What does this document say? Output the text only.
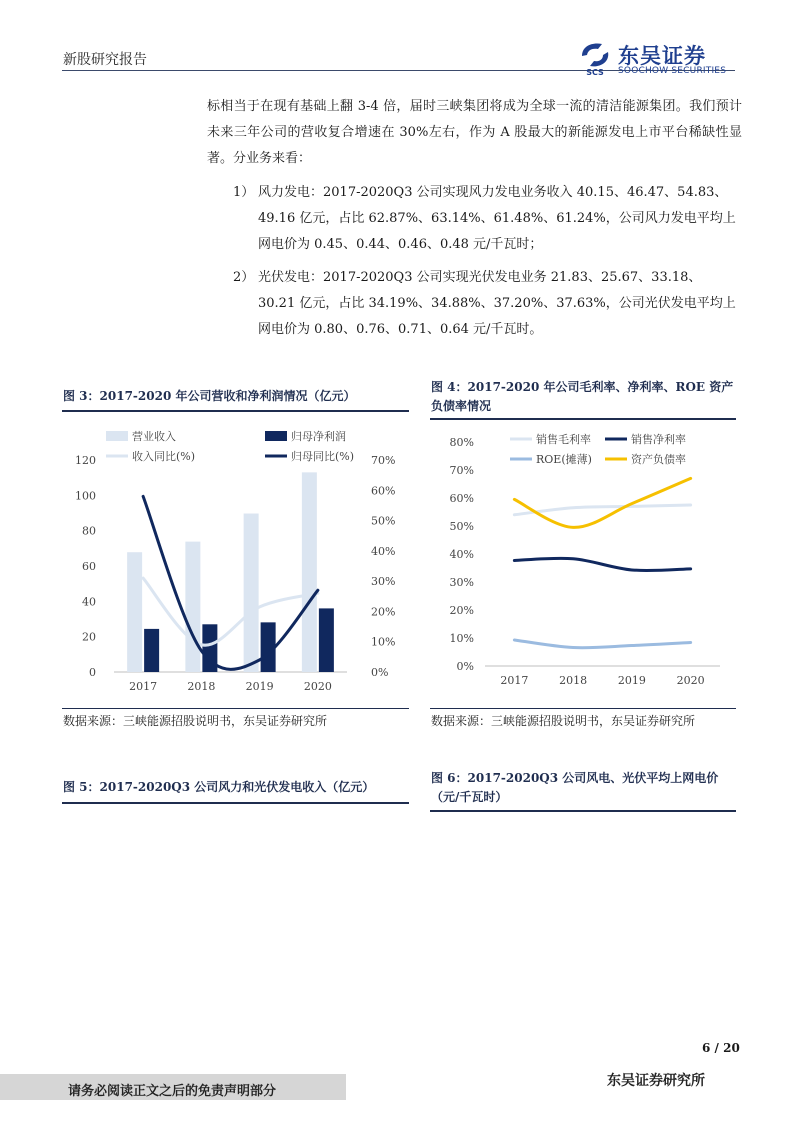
新股研究报告
SCS
东吴证券
SOOCHOW SECURITIES
标相当于在现有基础上翻 3-4 倍，届时三峡集团将成为全球一流的清洁能源集团。我们预计未来三年公司的营收复合增速在 30%左右，作为 A 股最大的新能源发电上市平台稀缺性显著。分业务来看：
1） 风力发电：2017-2020Q3 公司实现风力发电业务收入 40.15、46.47、54.83、49.16 亿元，占比 62.87%、63.14%、61.48%、61.24%，公司风力发电平均上网电价为 0.45、0.44、0.46、0.48 元/千瓦时；
2） 光伏发电：2017-2020Q3 公司实现光伏发电业务 21.83、25.67、33.18、30.21 亿元，占比 34.19%、34.88%、37.20%、37.63%，公司光伏发电平均上网电价为 0.80、0.76、0.71、0.64 元/千瓦时。
图 3：2017-2020 年公司营收和净利润情况（亿元）
0
20
40
60
80
100
120
0%
10%
20%
30%
40%
50%
60%
70%
2017	2018	2019	2020
营业收入	归母净利润
收入同比(%)	归母同比(%)
数据来源：三峡能源招股说明书，东吴证券研究所
图 4：2017-2020 年公司毛利率、净利率、ROE 资产负债率情况
0%
10%
20%
30%
40%
50%
60%
70%
80%
2017	2018	2019	2020
销售毛利率	销售净利率
ROE(摊薄)	资产负债率
数据来源：三峡能源招股说明书，东吴证券研究所
图 5：2017-2020Q3 公司风力和光伏发电收入（亿元）
图 6：2017-2020Q3 公司风电、光伏平均上网电价（元/千瓦时）
6 / 20
请务必阅读正文之后的免责声明部分
东吴证券研究所
